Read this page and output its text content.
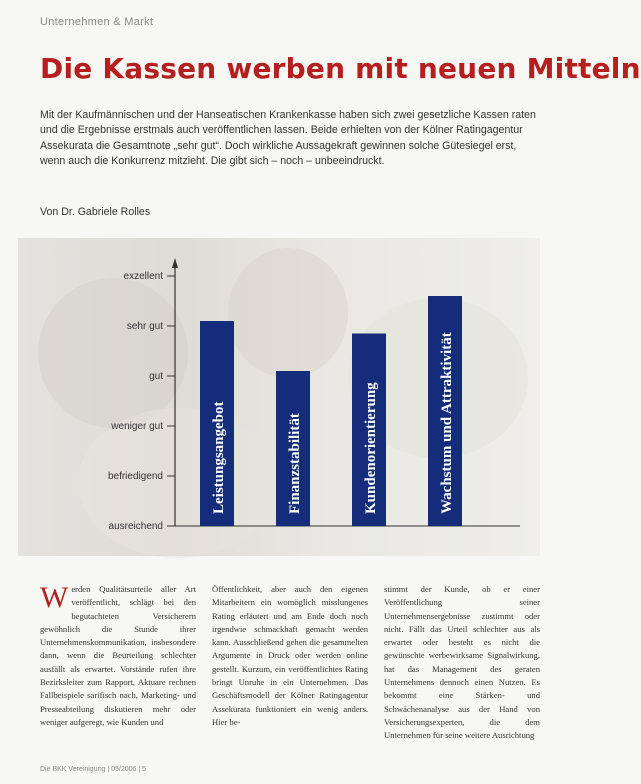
Unternehmen & Markt
Die Kassen werben mit neuen Mitteln
Mit der Kaufmännischen und der Hanseatischen Krankenkasse haben sich zwei gesetzliche Kassen raten und die Ergebnisse erstmals auch veröffentlichen lassen. Beide erhielten von der Kölner Ratingagentur Assekurata die Gesamtnote „sehr gut“. Doch wirkliche Aussagekraft gewinnen solche Gütesiegel erst, wenn auch die Konkurrenz mitzieht. Die gibt sich – noch – unbeeindruckt.
Von Dr. Gabriele Rolles
ausreichend
befriedigend
weniger gut
gut
sehr gut
exzellent
Leistungsangebot	Finanzstabilität	Kundenorientierung	Wachstum und Attraktivität
W erden Qualitätsurteile aller Art veröffentlicht, schlägt bei den begutachteten Versicherern gewöhnlich die Stunde ihrer Unternehmenskommunikation, insbesondere dann, wenn die Beurteilung schlechter ausfällt als erwartet. Vorstände rufen ihre Bezirksleiter zum Rapport, Aktuare rechnen Fallbeispiele sarifisch nach, Marketing- und Presseabteilung diskutieren mehr oder weniger aufgeregt, wie Kunden und

Öffentlichkeit, aber auch den eigenen Mitarbeitern ein womöglich misslungenes Rating erläutert und am Ende doch noch irgendwie schmackhaft gemacht werden kann. Ausschließend gehen die gesammelten Argumente in Druck oder werden online gestellt. Kurzum, ein veröffentlichtes Rating bringt Unruhe in ein Unternehmen. Das Geschäftsmodell der Kölner Ratingagentur Assekurata funktioniert ein wenig anders. Hier be-

stimmt der Kunde, ob er einer Veröffentlichung seiner Unternehmensergebnisse zustimmt oder nicht. Fällt das Urteil schlechter aus als erwartet oder besteht es nicht die gewünschte werbewirksame Signalwirkung, hat das Management des geraten Unternehmens dennoch einen Nutzen. Es bekommt eine Stärken- und Schwächenanalyse aus der Hand von Versicherungsexperten, die dem Unternehmen für seine weitere Ausrichtung

Die BKK Vereinigung | 05/2006 | 5
